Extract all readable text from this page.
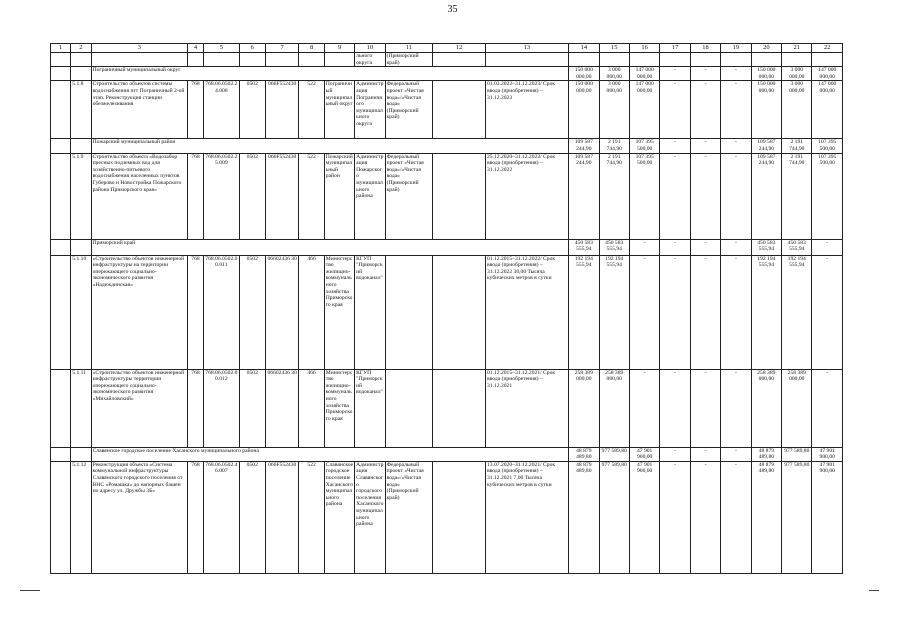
35
1	2	3	4	5	6	7	8	9	10	11	12	13	14	15	16	17	18	19	20	21	22
									льного округа	(Приморский край)											
		Пограничный муниципальный округ											150 000 000,00	3 000 000,00	147 000 000,00	-	-	-	150 000 000,00	3 000 000,00	147 000 000,00
	5.1.8	Строительство объектов системы водоснабжения пгт Пограничный 2-ой этап. Реконструкция станции обезжелезивания	768	768.06.0502.24.008	0502	066F552430	522	Пограничный муниципальный округ	Администрация Пограничного муниципального округа	Федеральный проект «Чистая вода»/«Чистая вода» (Приморский край)		01.03.2022–31.12.2023/ Срок ввода (приобретения) – 31.12.2023	150 000 000,00	3 000 000,00	147 000 000,00	-	-	-	150 000 000,00	3 000 000,00	147 000 000,00
		Пожарский муниципальный район											109 587 244,90	2 191 744,90	107 395 500,00	-	-	-	109 587 244,90	2 191 744,90	107 395 500,00
	5.1.9	Строительство объекта «Водозабор пресных подземных вод для хозяйственно-питьевого водоснабжения населенных пунктов Губерово и Новостройка Пожарского района Приморского края»	768	768.06.0502.25.009	0502	066F552430	522	Пожарский муниципальный район	Администрация Пожарского муниципального района	Федеральный проект «Чистая вода»/«Чистая вода» (Приморский край)		25.12.2020–31.12.2022/ Срок ввода (приобретения) – 31.12.2022	109 587 244,90	2 191 744,90	107 395 500,00	-	-	-	109 587 244,90	2 191 744,90	107 395 500,00
		Приморский край											450 583 555,94	450 583 555,94	-	-	-	-	450 583 555,94	450 583 555,94	-
	5.1.10	«Строительство объектов инженерной инфраструктуры на территории опережающего социально-экономического развития «Надеждинская»	768	768.06.0502.00.011	0502	06602436 30	466	Министерство жилищно-коммунального хозяйства Приморского края	КГУП "Приморский водоканал"			01.12.2015–31.12.2022/ Срок ввода (приобретения) – 31.12.2022 30,00 Тысяча кубических метров в сутки	192 194 555,94	192 194 555,94	-	-	-	-	192 194 555,94	192 194 555,94	-
	5.1.11	«Строительство объектов инженерной инфраструктуры территории опережающего социально-экономического развития «Михайловский»	768	768.06.0502.00.012	0502	06602436 30	466	Министерство жилищно-коммунального хозяйства Приморского края	КГУП "Приморский водоканал"			01.12.2015–31.12.2021/ Срок ввода (приобретения) – 31.12.2021	258 389 000,00	258 389 000,00	-	-	-	-	258 389 000,00	258 389 000,00	-
		Славянское городское поселение Хасанского муниципального района											48 879 489,80	977 589,80	47 901 900,00	-	-	-	48 879 489,80	977 589,80	47 901 900,00
	5.1.12	Реконструкция объекта «Система коммунальной инфраструктуры Славянского городского поселения от ВНС «Ромашка» до напорных башен по адресу ул. Дружбы 3Б»	768	768.06.0502.46.007	0502	066F552430	522	Славянское городское поселение Хасанского муниципального района	Администрация Славянского городского поселения Хасанского муниципального района	Федеральный проект «Чистая вода»/«Чистая вода» (Приморский край)		13.07.2020–31.12.2021/ Срок ввода (приобретения) – 31.12.2021 7,00 Тысяча кубических метров в сутки	48 879 489,80	977 589,80	47 901 900,00	-	-	-	48 879 489,80	977 589,80	47 901 900,00
